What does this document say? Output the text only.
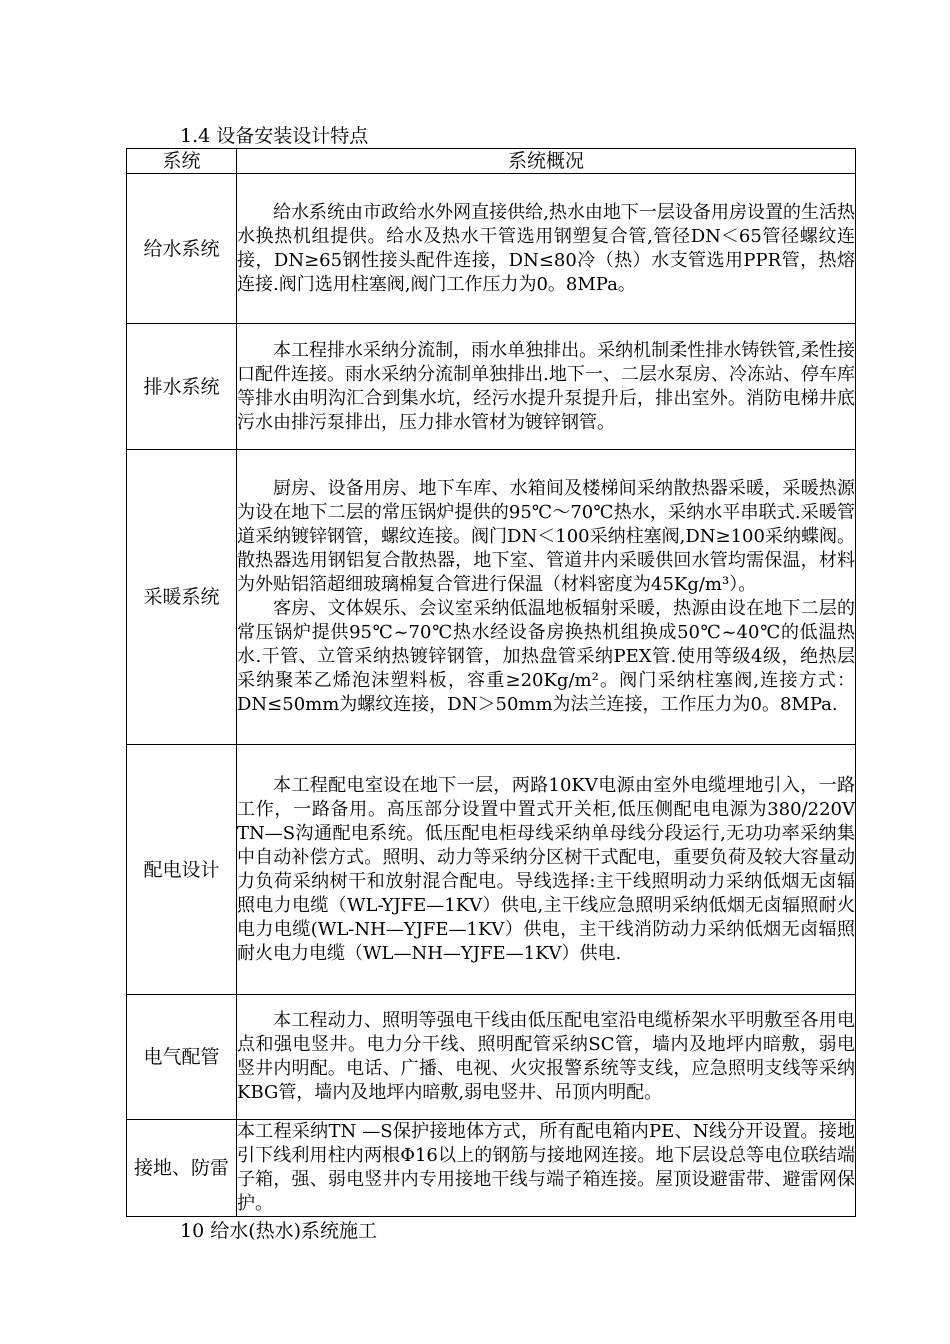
1.4 设备安装设计特点
系统	系统概况
给水系统	给水系统由市政给水外网直接供给,热水由地下一层设备用房设置的生活热水换热机组提供。给水及热水干管选用钢塑复合管,管径DN＜65管径螺纹连接，DN≥65钢性接头配件连接，DN≤80冷（热）水支管选用PPR管，热熔连接.阀门选用柱塞阀,阀门工作压力为0。8MPa。

排水系统	本工程排水采纳分流制，雨水单独排出。采纳机制柔性排水铸铁管,柔性接口配件连接。雨水采纳分流制单独排出.地下一、二层水泵房、冷冻站、停车库等排水由明沟汇合到集水坑，经污水提升泵提升后，排出室外。消防电梯井底污水由排污泵排出，压力排水管材为镀锌钢管。

采暖系统	厨房、设备用房、地下车库、水箱间及楼梯间采纳散热器采暖，采暖热源为设在地下二层的常压锅炉提供的95℃～70℃热水，采纳水平串联式.采暖管道采纳镀锌钢管，螺纹连接。阀门DN＜100采纳柱塞阀,DN≥100采纳蝶阀。散热器选用钢铝复合散热器，地下室、管道井内采暖供回水管均需保温，材料为外贴铝箔超细玻璃棉复合管进行保温（材料密度为45Kg/m³）。

客房、文体娱乐、会议室采纳低温地板辐射采暖，热源由设在地下二层的常压锅炉提供95℃~70℃热水经设备房换热机组换成50℃~40℃的低温热水.干管、立管采纳热镀锌钢管，加热盘管采纳PEX管.使用等级4级，绝热层采纳聚苯乙烯泡沫塑料板，容重≥20Kg/m²。阀门采纳柱塞阀,连接方式：DN≤50mm为螺纹连接，DN＞50mm为法兰连接，工作压力为0。8MPa.

配电设计	本工程配电室设在地下一层，两路10KV电源由室外电缆埋地引入，一路工作，一路备用。高压部分设置中置式开关柜,低压侧配电电源为380/220V TN—S沟通配电系统。低压配电柜母线采纳单母线分段运行,无功功率采纳集中自动补偿方式。照明、动力等采纳分区树干式配电，重要负荷及较大容量动力负荷采纳树干和放射混合配电。导线选择:主干线照明动力采纳低烟无卤辐照电力电缆（WL-YJFE—1KV）供电,主干线应急照明采纳低烟无卤辐照耐火电力电缆(WL-NH—YJFE—1KV）供电，主干线消防动力采纳低烟无卤辐照耐火电力电缆（WL—NH—YJFE—1KV）供电.

电气配管	本工程动力、照明等强电干线由低压配电室沿电缆桥架水平明敷至各用电点和强电竖井。电力分干线、照明配管采纳SC管，墙内及地坪内暗敷，弱电竖井内明配。电话、广播、电视、火灾报警系统等支线，应急照明支线等采纳KBG管，墙内及地坪内暗敷,弱电竖井、吊顶内明配。

接地、防雷	本工程采纳TN —S保护接地体方式，所有配电箱内PE、N线分开设置。接地引下线利用柱内两根Φ16以上的钢筋与接地网连接。地下层设总等电位联结端子箱，强、弱电竖井内专用接地干线与端子箱连接。屋顶设避雷带、避雷网保护。

10 给水(热水)系统施工
